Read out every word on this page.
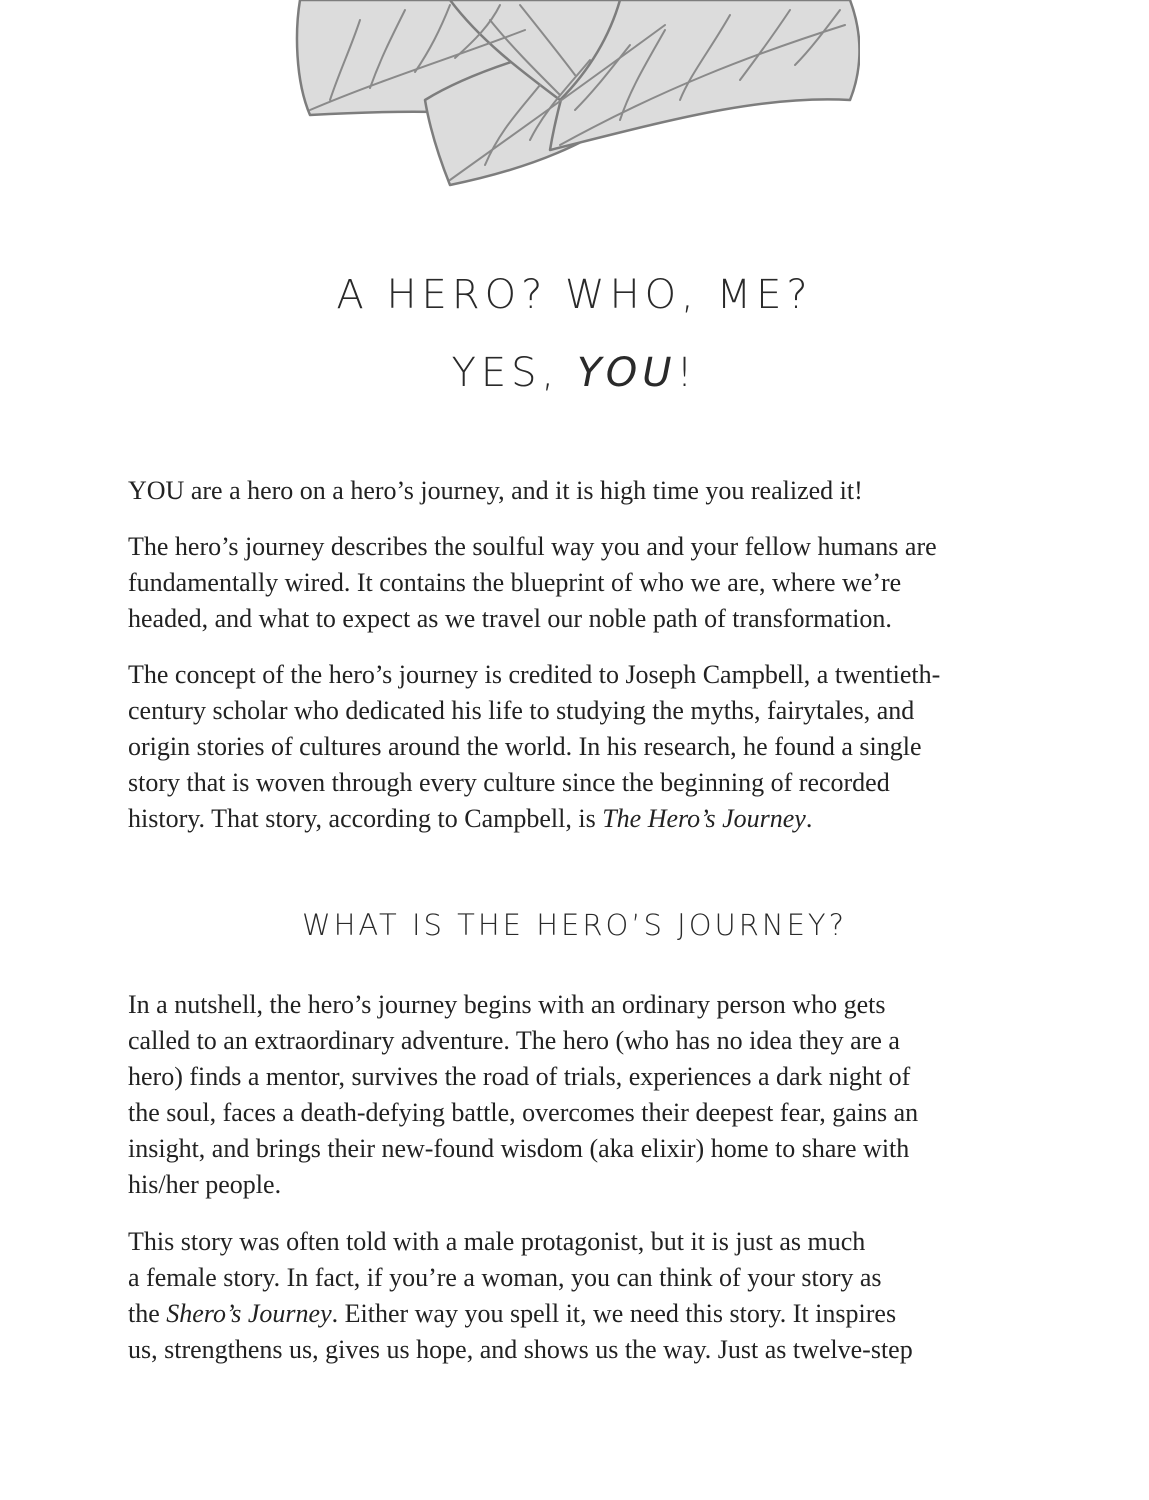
A HERO? WHO, ME?
YES, YOU!

YOU are a hero on a hero’s journey, and it is high time you realized it!

The hero’s journey describes the soulful way you and your fellow humans are
fundamentally wired. It contains the blueprint of who we are, where we’re
headed, and what to expect as we travel our noble path of transformation.

The concept of the hero’s journey is credited to Joseph Campbell, a twentieth-
century scholar who dedicated his life to studying the myths, fairytales, and
origin stories of cultures around the world. In his research, he found a single
story that is woven through every culture since the beginning of recorded
history. That story, according to Campbell, is The Hero’s Journey.

WHAT IS THE HERO’S JOURNEY?

In a nutshell, the hero’s journey begins with an ordinary person who gets
called to an extraordinary adventure. The hero (who has no idea they are a
hero) finds a mentor, survives the road of trials, experiences a dark night of
the soul, faces a death-defying battle, overcomes their deepest fear, gains an
insight, and brings their new-found wisdom (aka elixir) home to share with
his/her people.

This story was often told with a male protagonist, but it is just as much
a female story. In fact, if you’re a woman, you can think of your story as
the Shero’s Journey. Either way you spell it, we need this story. It inspires
us, strengthens us, gives us hope, and shows us the way. Just as twelve-step
